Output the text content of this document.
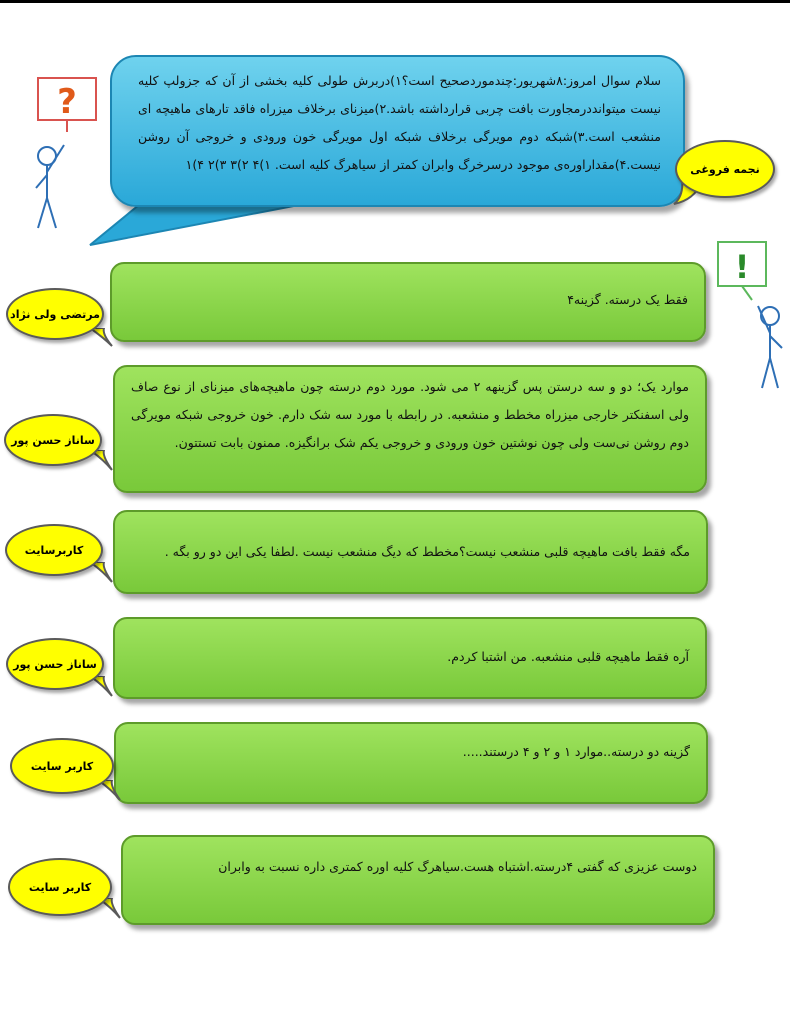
?
!
سلام سوال امروز:۸شهریور:چندموردصحیح است؟۱)دربرش طولی کلیه بخشی از آن که جزولپ کلیه نیست میتوانددرمجاورت بافت چربی قرارداشته باشد.۲)میزنای برخلاف میزراه فاقد تارهای ماهیچه ای منشعب است.۳)شبکه دوم مویرگی برخلاف شبکه اول مویرگی خون ورودی و خروجی آن روشن نیست.۴)مقداراوره‌ی موجود درسرخرگ وابران کمتر از سیاهرگ کلیه است. ۱)۴ ۲)۳ ۳)۲ ۴)۱	نجمه فروغی
فقط یک درسته. گزینه۴
مرتضی ولی نژاد
موارد یک؛ دو و سه درستن پس گزینهه ۲ می شود. مورد دوم درسته چون ماهیچه‌های میزنای از نوع صاف ولی اسفنکتر خارجی میزراه مخطط و منشعبه. در رابطه با مورد سه شک دارم. خون خروجی شبکه مویرگی دوم روشن نی‌ست ولی چون نوشتین خون ورودی و خروجی یکم شک برانگیزه. ممنون بابت تستتون.
ساناز حسن پور
مگه فقط بافت ماهیچه قلبی منشعب نیست؟مخطط که دیگ منشعب نیست .لطفا یکی این دو رو بگه .
کاربرسایت
آره فقط ماهیچه قلبی منشعبه. من اشتبا کردم.
ساناز حسن پور
گزینه دو درسته..موارد ۱ و ۲ و ۴ درستند.....
کاربر سایت
دوست عزیزی که گفتی ۴درسته.اشتباه هست.سیاهرگ کلیه اوره کمتری داره نسبت به وابران
کاربر سایت
